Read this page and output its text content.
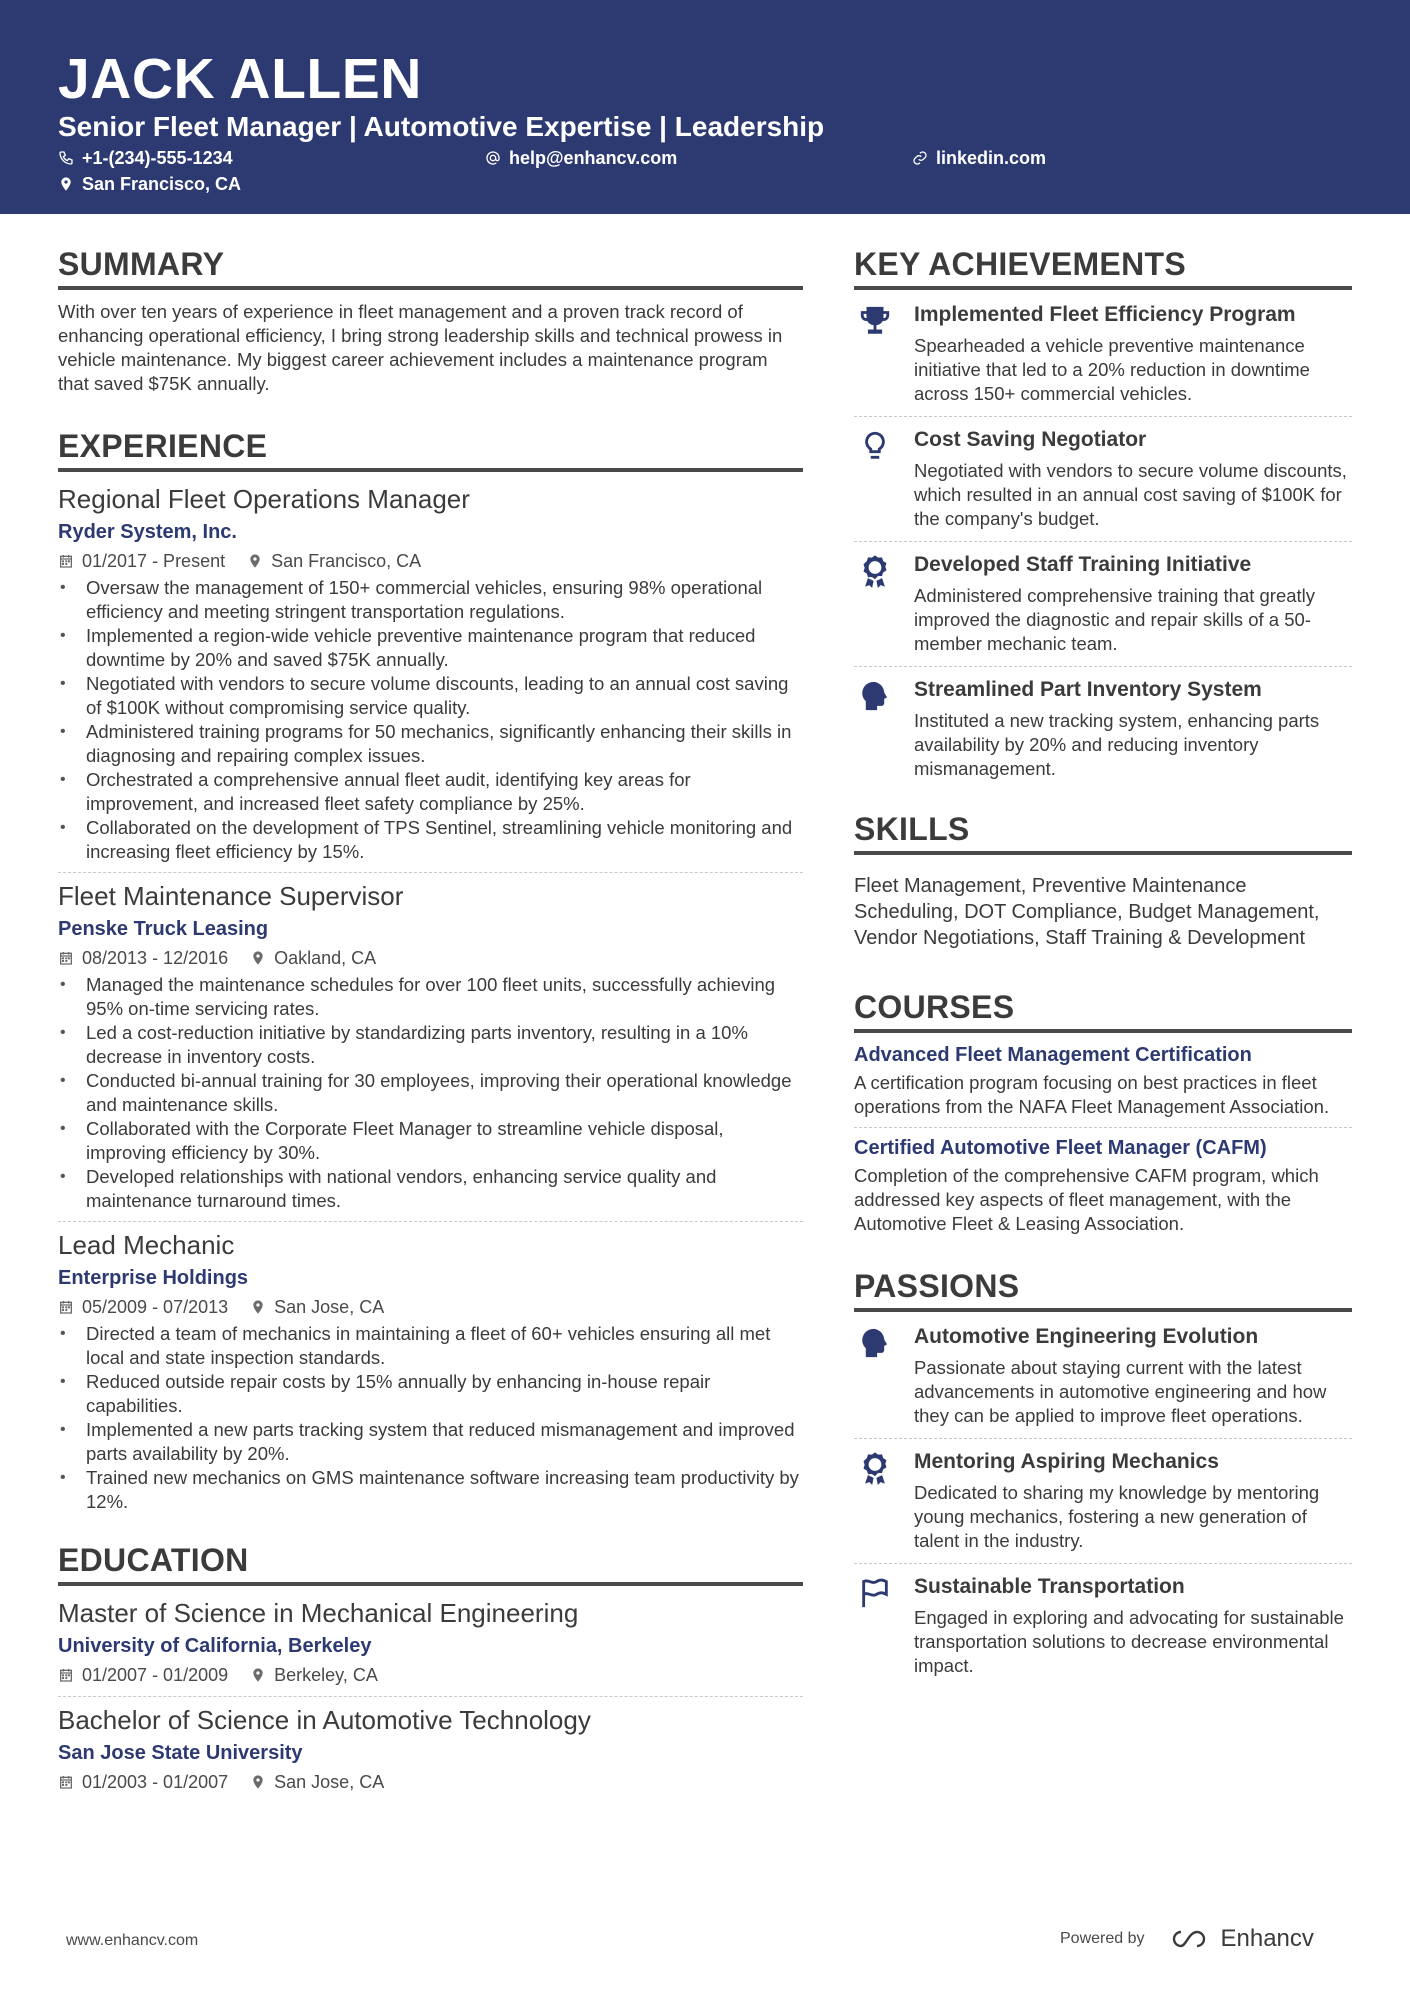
JACK ALLEN
Senior Fleet Manager | Automotive Expertise | Leadership
+1-(234)-555-1234	help@enhancv.com	linkedin.com
San Francisco, CA
SUMMARY
With over ten years of experience in fleet management and a proven track record of enhancing operational efficiency, I bring strong leadership skills and technical prowess in vehicle maintenance. My biggest career achievement includes a maintenance program that saved $75K annually.
EXPERIENCE
Regional Fleet Operations Manager
Ryder System, Inc.
01/2017 - Present	San Francisco, CA
• Oversaw the management of 150+ commercial vehicles, ensuring 98% operational efficiency and meeting stringent transportation regulations.
• Implemented a region-wide vehicle preventive maintenance program that reduced downtime by 20% and saved $75K annually.
• Negotiated with vendors to secure volume discounts, leading to an annual cost saving of $100K without compromising service quality.
• Administered training programs for 50 mechanics, significantly enhancing their skills in diagnosing and repairing complex issues.
• Orchestrated a comprehensive annual fleet audit, identifying key areas for improvement, and increased fleet safety compliance by 25%.
• Collaborated on the development of TPS Sentinel, streamlining vehicle monitoring and increasing fleet efficiency by 15%.
Fleet Maintenance Supervisor
Penske Truck Leasing
08/2013 - 12/2016	Oakland, CA
• Managed the maintenance schedules for over 100 fleet units, successfully achieving 95% on-time servicing rates.
• Led a cost-reduction initiative by standardizing parts inventory, resulting in a 10% decrease in inventory costs.
• Conducted bi-annual training for 30 employees, improving their operational knowledge and maintenance skills.
• Collaborated with the Corporate Fleet Manager to streamline vehicle disposal, improving efficiency by 30%.
• Developed relationships with national vendors, enhancing service quality and maintenance turnaround times.
Lead Mechanic
Enterprise Holdings
05/2009 - 07/2013	San Jose, CA
• Directed a team of mechanics in maintaining a fleet of 60+ vehicles ensuring all met local and state inspection standards.
• Reduced outside repair costs by 15% annually by enhancing in-house repair capabilities.
• Implemented a new parts tracking system that reduced mismanagement and improved parts availability by 20%.
• Trained new mechanics on GMS maintenance software increasing team productivity by 12%.
EDUCATION
Master of Science in Mechanical Engineering
University of California, Berkeley
01/2007 - 01/2009	Berkeley, CA
Bachelor of Science in Automotive Technology
San Jose State University
01/2003 - 01/2007	San Jose, CA
KEY ACHIEVEMENTS
Implemented Fleet Efficiency Program
Spearheaded a vehicle preventive maintenance initiative that led to a 20% reduction in downtime across 150+ commercial vehicles.
Cost Saving Negotiator
Negotiated with vendors to secure volume discounts, which resulted in an annual cost saving of $100K for the company's budget.
Developed Staff Training Initiative
Administered comprehensive training that greatly improved the diagnostic and repair skills of a 50-member mechanic team.
Streamlined Part Inventory System
Instituted a new tracking system, enhancing parts availability by 20% and reducing inventory mismanagement.
SKILLS
Fleet Management, Preventive Maintenance Scheduling, DOT Compliance, Budget Management, Vendor Negotiations, Staff Training & Development
COURSES
Advanced Fleet Management Certification
A certification program focusing on best practices in fleet operations from the NAFA Fleet Management Association.
Certified Automotive Fleet Manager (CAFM)
Completion of the comprehensive CAFM program, which addressed key aspects of fleet management, with the Automotive Fleet & Leasing Association.
PASSIONS
Automotive Engineering Evolution
Passionate about staying current with the latest advancements in automotive engineering and how they can be applied to improve fleet operations.
Mentoring Aspiring Mechanics
Dedicated to sharing my knowledge by mentoring young mechanics, fostering a new generation of talent in the industry.
Sustainable Transportation
Engaged in exploring and advocating for sustainable transportation solutions to decrease environmental impact.
www.enhancv.com	Powered by	Enhancv
